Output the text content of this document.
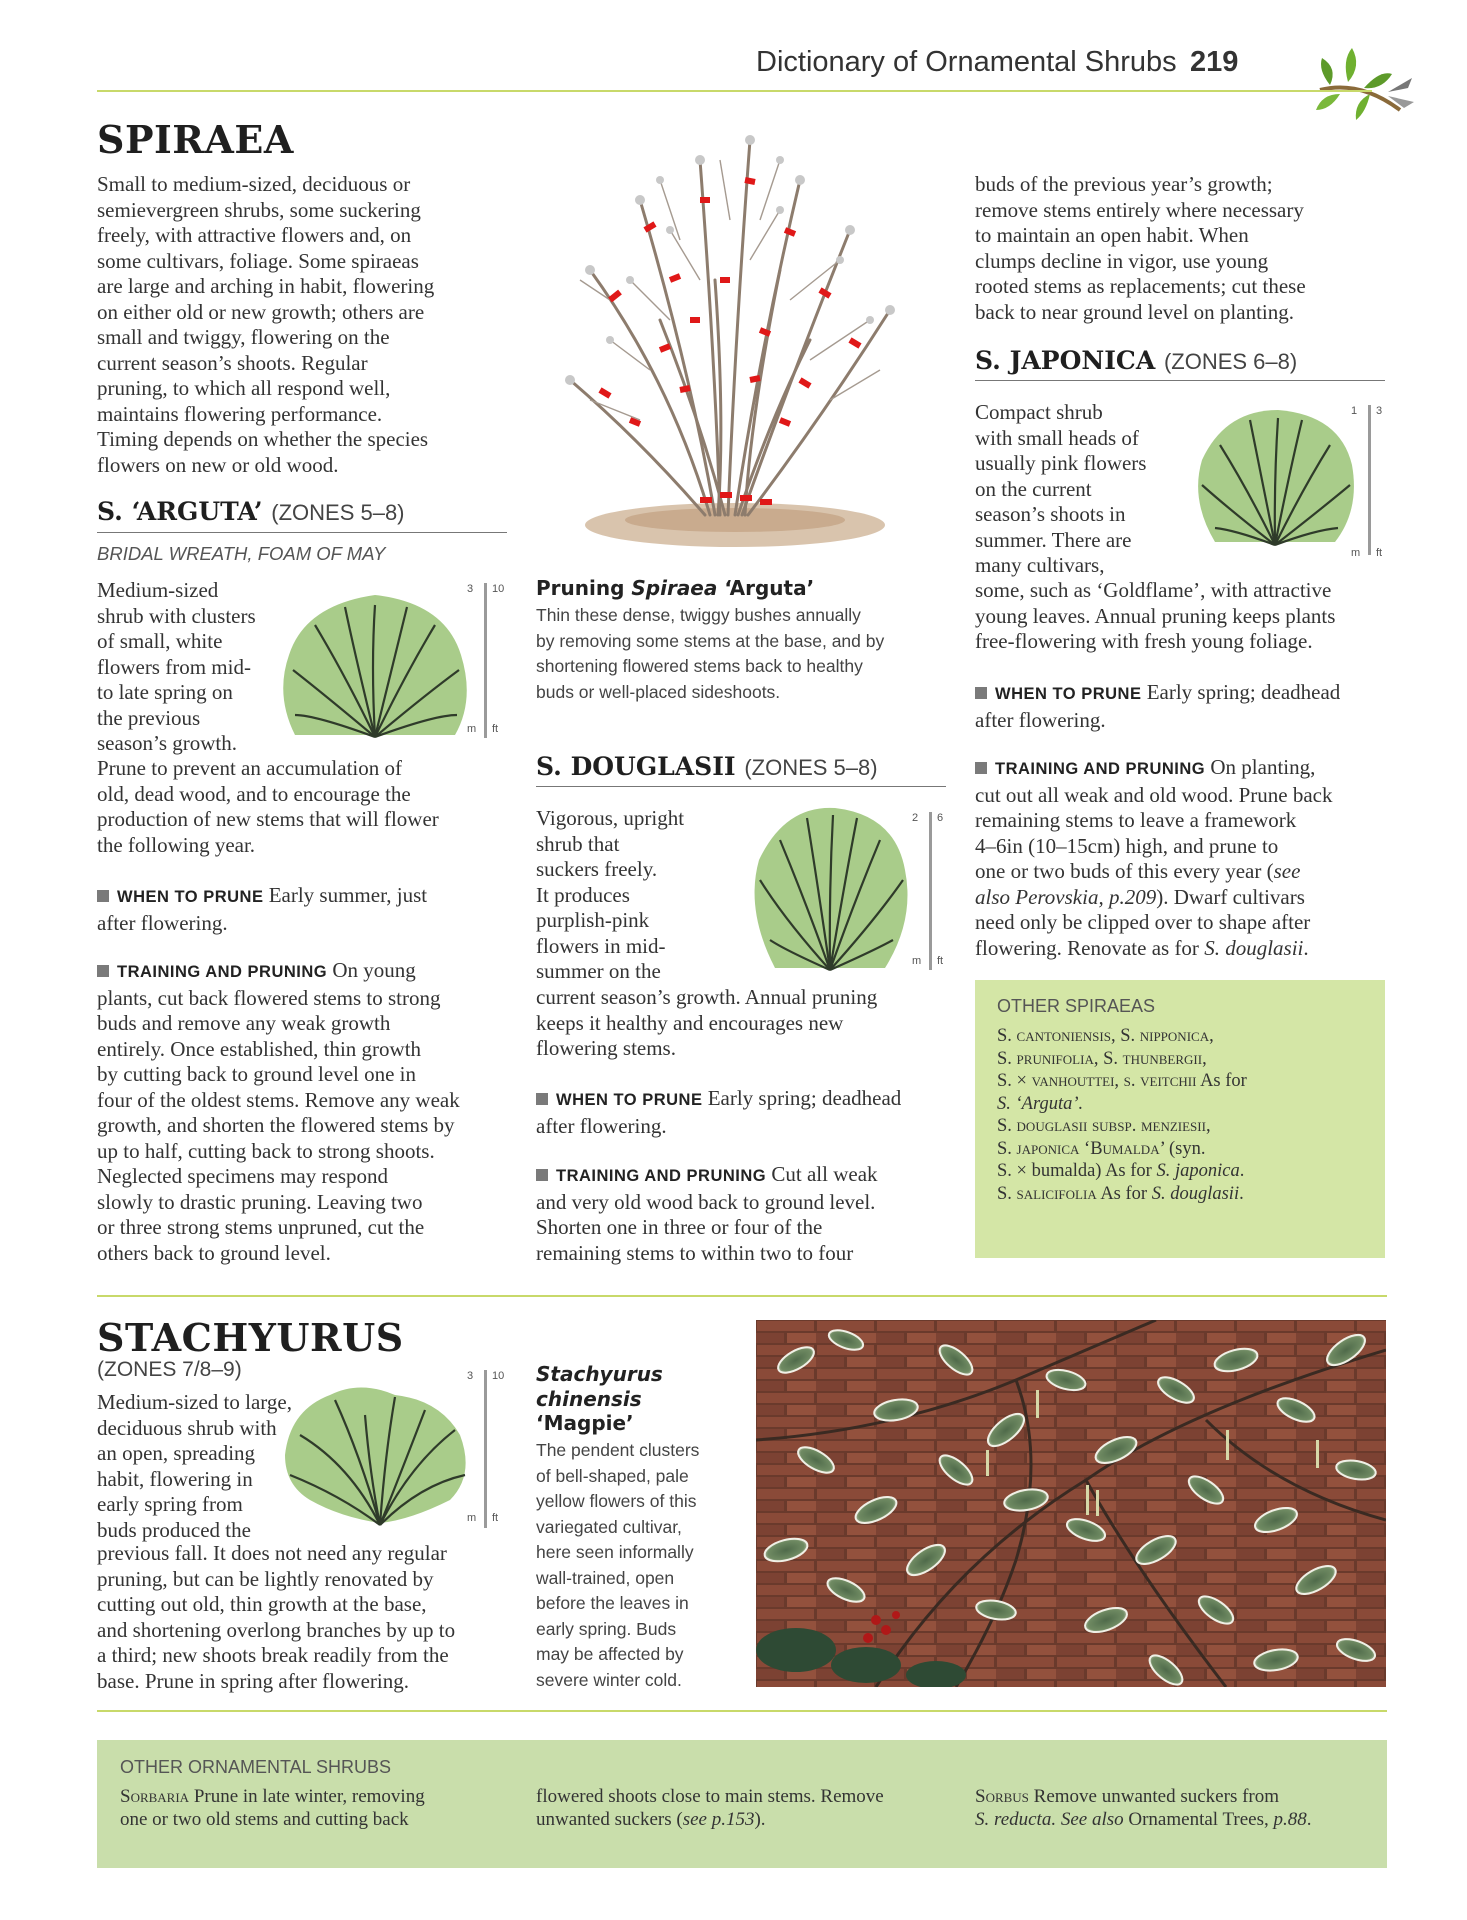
Dictionary of Ornamental Shrubs 219
SPIRAEA
Small to medium-sized, deciduous or
semievergreen shrubs, some suckering
freely, with attractive flowers and, on
some cultivars, foliage. Some spiraeas
are large and arching in habit, flowering
on either old or new growth; others are
small and twiggy, flowering on the
current season’s shoots. Regular
pruning, to which all respond well,
maintains flowering performance.
Timing depends on whether the species
flowers on new or old wood.
S. ‘ARGUTA’ (ZONES 5–8)
BRIDAL WREATH, FOAM OF MAY
Medium-sized
shrub with clusters
of small, white
flowers from mid-
to late spring on
the previous
season’s growth.
3 10
m ft
Prune to prevent an accumulation of
old, dead wood, and to encourage the
production of new stems that will flower
the following year.
WHEN TO PRUNE Early summer, just
after flowering.
TRAINING AND PRUNING On young
plants, cut back flowered stems to strong
buds and remove any weak growth
entirely. Once established, thin growth
by cutting back to ground level one in
four of the oldest stems. Remove any weak
growth, and shorten the flowered stems by
up to half, cutting back to strong shoots.
Neglected specimens may respond
slowly to drastic pruning. Leaving two
or three strong stems unpruned, cut the
others back to ground level.
Pruning Spiraea ‘Arguta’
Thin these dense, twiggy bushes annually
by removing some stems at the base, and by
shortening flowered stems back to healthy
buds or well-placed sideshoots.
S. DOUGLASII (ZONES 5–8)
Vigorous, upright
shrub that
suckers freely.
It produces
purplish-pink
flowers in mid-
summer on the
2 6
m ft
current season’s growth. Annual pruning
keeps it healthy and encourages new
flowering stems.
WHEN TO PRUNE Early spring; deadhead
after flowering.
TRAINING AND PRUNING Cut all weak
and very old wood back to ground level.
Shorten one in three or four of the
remaining stems to within two to four
buds of the previous year’s growth;
remove stems entirely where necessary
to maintain an open habit. When
clumps decline in vigor, use young
rooted stems as replacements; cut these
back to near ground level on planting.
S. JAPONICA (ZONES 6–8)
Compact shrub
with small heads of
usually pink flowers
on the current
season’s shoots in
summer. There are
many cultivars,
1 3
m ft
some, such as ‘Goldflame’, with attractive
young leaves. Annual pruning keeps plants
free-flowering with fresh young foliage.
WHEN TO PRUNE Early spring; deadhead
after flowering.
TRAINING AND PRUNING On planting,
cut out all weak and old wood. Prune back
remaining stems to leave a framework
4–6in (10–15cm) high, and prune to
one or two buds of this every year (see
also Perovskia, p.209). Dwarf cultivars
need only be clipped over to shape after
flowering. Renovate as for S. douglasii.
OTHER SPIRAEAS
S. cantoniensis, S. nipponica,
S. prunifolia, S. thunbergii,
S. × vanhouttei, s. veitchii As for
S. ‘Arguta’.
S. douglasii subsp. menziesii,
S. japonica ‘Bumalda’ (syn.
S. × bumalda) As for S. japonica.
S. salicifolia As for S. douglasii.
STACHYURUS
(ZONES 7/8–9)
Medium-sized to large,
deciduous shrub with
an open, spreading
habit, flowering in
early spring from
buds produced the
3 10
m ft
previous fall. It does not need any regular
pruning, but can be lightly renovated by
cutting out old, thin growth at the base,
and shortening overlong branches by up to
a third; new shoots break readily from the
base. Prune in spring after flowering.
Stachyurus
chinensis
‘Magpie’
The pendent clusters
of bell-shaped, pale
yellow flowers of this
variegated cultivar,
here seen informally
wall-trained, open
before the leaves in
early spring. Buds
may be affected by
severe winter cold.
OTHER ORNAMENTAL SHRUBS
Sorbaria Prune in late winter, removing
one or two old stems and cutting back
flowered shoots close to main stems. Remove
unwanted suckers (see p.153).
Sorbus Remove unwanted suckers from
S. reducta. See also Ornamental Trees, p.88.
